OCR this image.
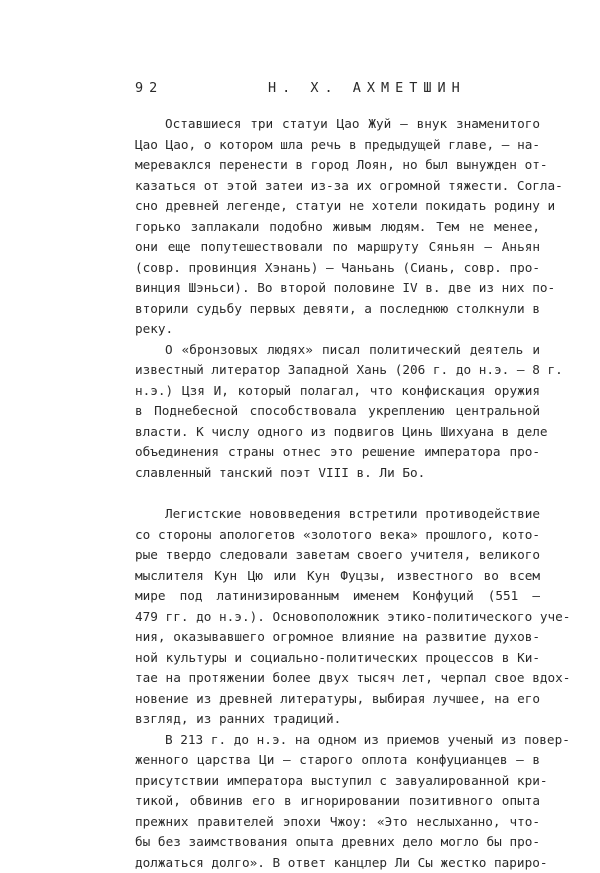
92	Н. Х. АХМЕТШИН
Оставшиеся три статуи Цао Жуй — внук знаменитого
Цао Цао, о котором шла речь в предыдущей главе, — на-
мереваклся перенести в город Лоян, но был вынужден от-
казаться от этой затеи из-за их огромной тяжести. Согла-
сно древней легенде, статуи не хотели покидать родину и
горько заплакали подобно живым людям. Тем не менее,
они еще попутешествовали по маршруту Сяньян — Аньян
(совр. провинция Хэнань) — Чаньань (Сиань, совр. про-
винция Шэньси). Во второй половине IV в. две из них по-
вторили судьбу первых девяти, а последнюю столкнули в
реку.
О «бронзовых людях» писал политический деятель и
известный литератор Западной Хань (206 г. до н.э. — 8 г.
н.э.) Цзя И, который полагал, что конфискация оружия
в Поднебесной способствовала укреплению центральной
власти. К числу одного из подвигов Цинь Шихуана в деле
объединения страны отнес это решение императора про-
славленный танский поэт VIII в. Ли Бо.
Легистские нововведения встретили противодействие
со стороны апологетов «золотого века» прошлого, кото-
рые твердо следовали заветам своего учителя, великого
мыслителя Кун Цю или Кун Фуцзы, известного во всем
мире под латинизированным именем Конфуций (551 —
479 гг. до н.э.). Основоположник этико-политического уче-
ния, оказывавшего огромное влияние на развитие духов-
ной культуры и социально-политических процессов в Ки-
тае на протяжении более двух тысяч лет, черпал свое вдох-
новение из древней литературы, выбирая лучшее, на его
взгляд, из ранних традиций.
В 213 г. до н.э. на одном из приемов ученый из повер-
женного царства Ци — старого оплота конфуцианцев — в
присутствии императора выступил с завуалированной кри-
тикой, обвинив его в игнорировании позитивного опыта
прежних правителей эпохи Чжоу: «Это неслыханно, что-
бы без заимствования опыта древних дело могло бы про-
должаться долго». В ответ канцлер Ли Сы жестко париро-
